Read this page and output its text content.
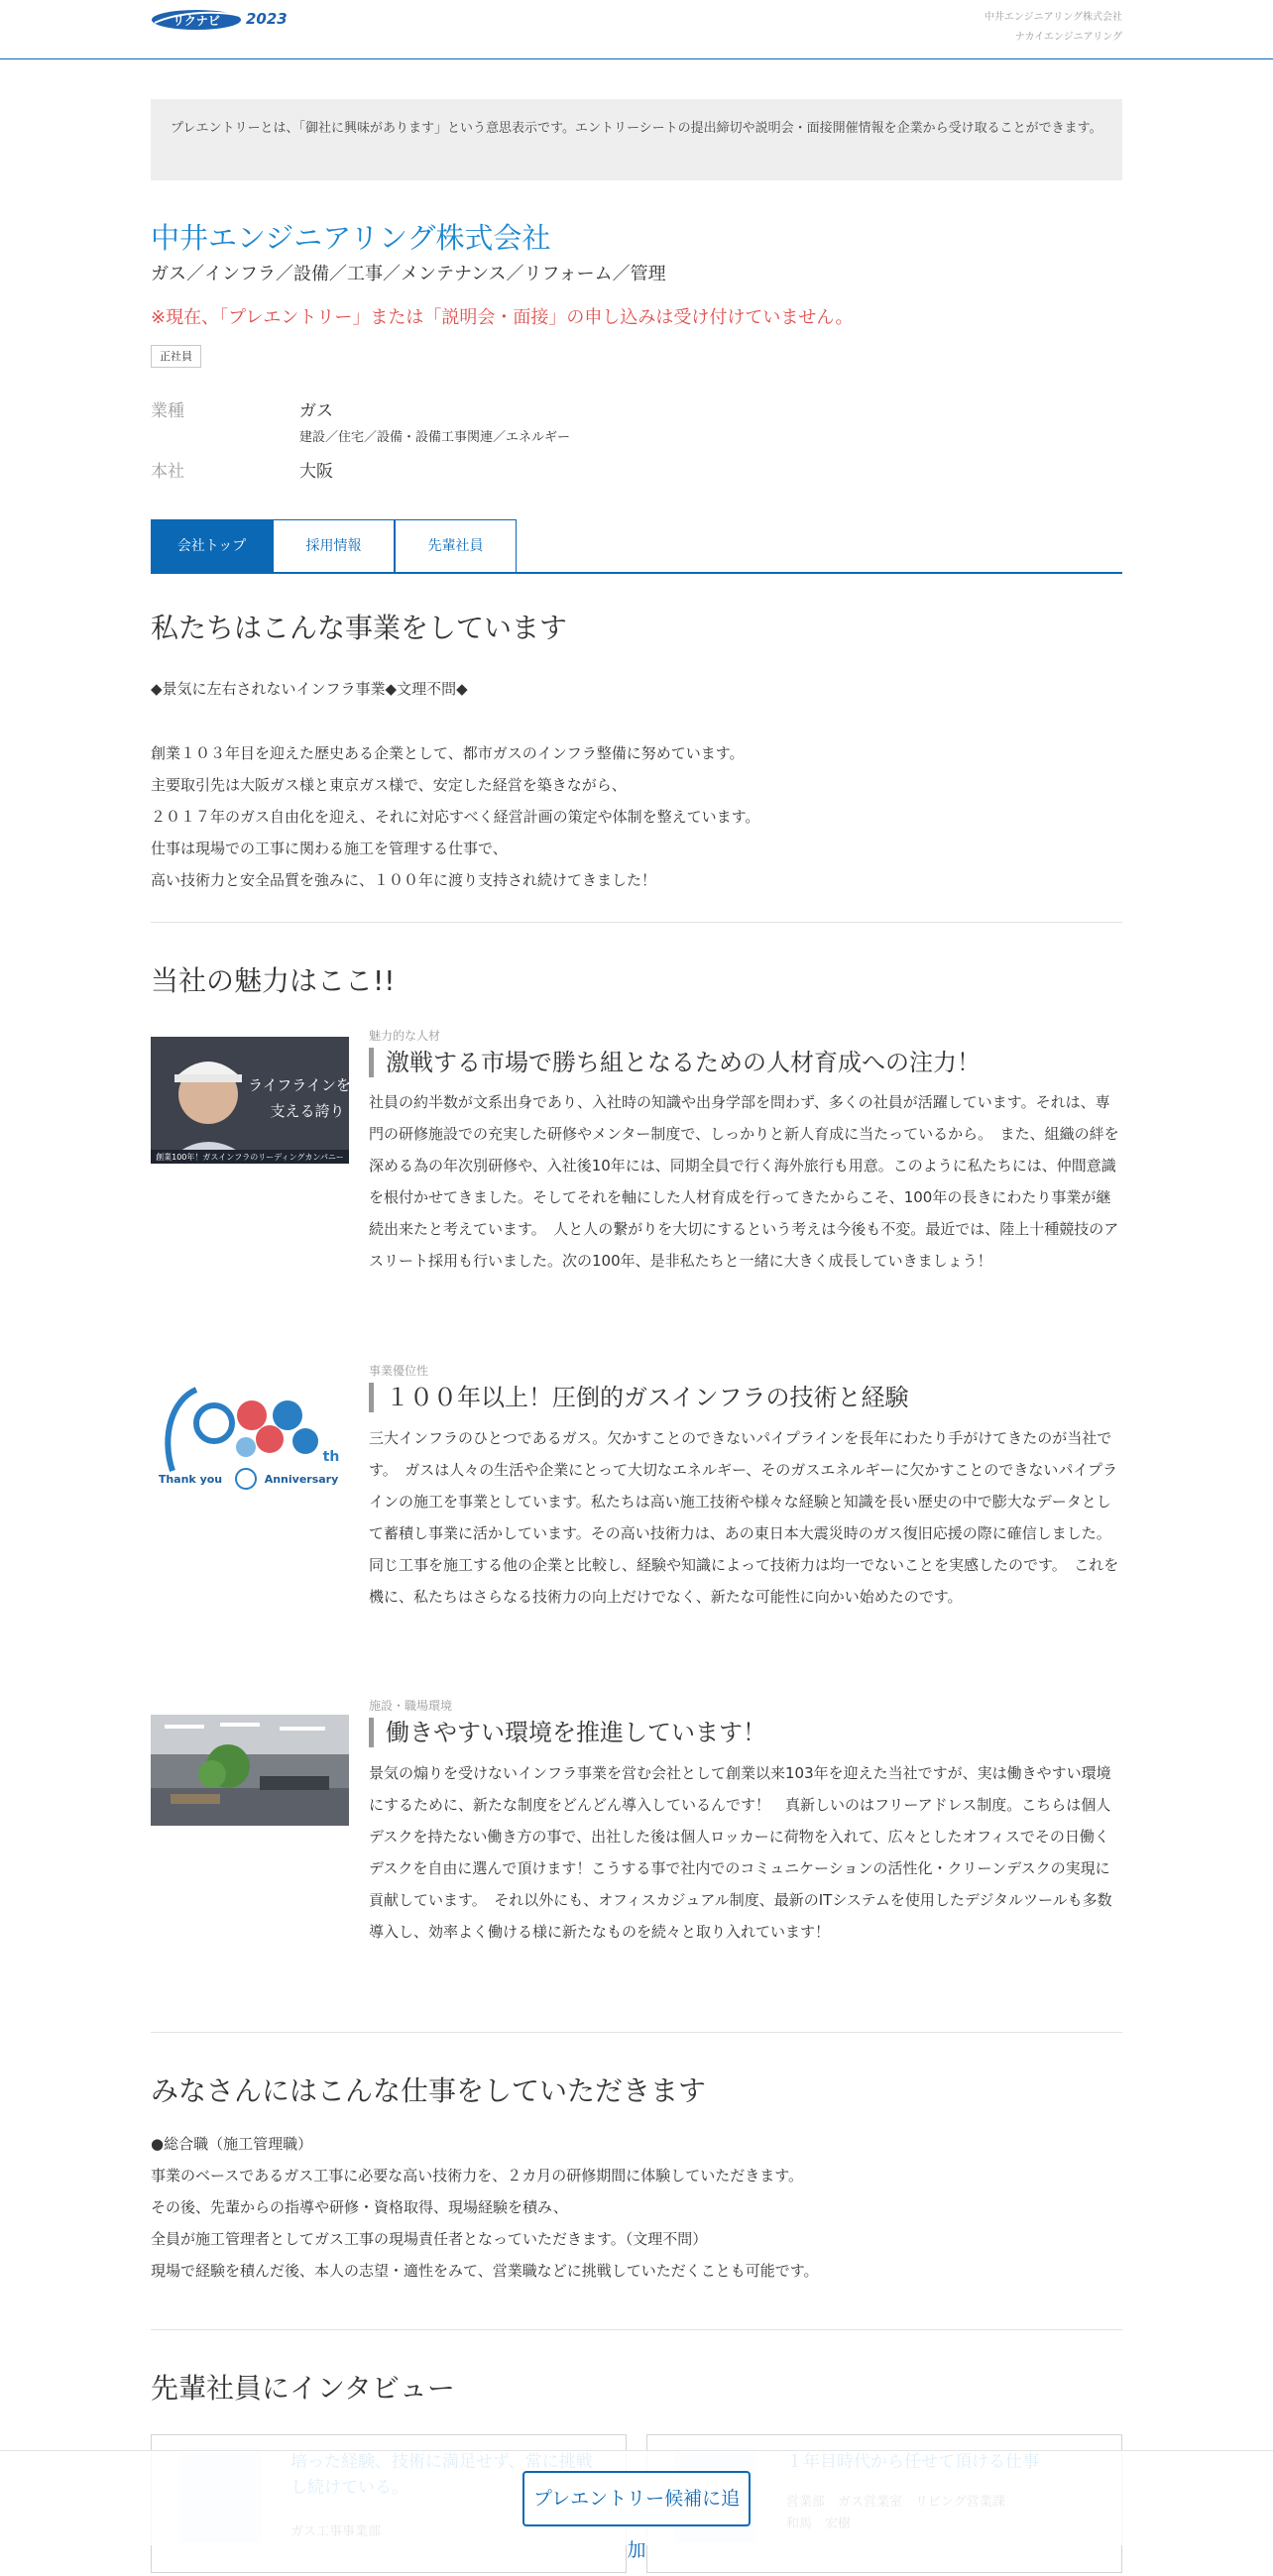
リクナビ 2023	中井エンジニアリング株式会社
ナカイエンジニアリング
プレエントリーとは、「御社に興味があります」という意思表示です。エントリーシートの提出締切や説明会・面接開催情報を企業から受け取ることができます。
中井エンジニアリング株式会社
ガス／インフラ／設備／工事／メンテナンス／リフォーム／管理
※現在、「プレエントリー」または「説明会・面接」の申し込みは受け付けていません。
正社員
業種	ガス
建設／住宅／設備・設備工事関連／エネルギー
本社	大阪
会社トップ	採用情報	先輩社員
私たちはこんな事業をしています
◆景気に左右されないインフラ事業◆文理不問◆
創業１０３年目を迎えた歴史ある企業として、都市ガスのインフラ整備に努めています。
主要取引先は大阪ガス様と東京ガス様で、安定した経営を築きながら、
２０１７年のガス自由化を迎え、それに対応すべく経営計画の策定や体制を整えています。
仕事は現場での工事に関わる施工を管理する仕事で、
高い技術力と安全品質を強みに、１００年に渡り支持され続けてきました！
当社の魅力はここ!!
ライフラインを
支える誇り
創業100年！ガスインフラのリーディングカンパニー
魅力的な人材
激戦する市場で勝ち組となるための人材育成への注力！
社員の約半数が文系出身であり、入社時の知識や出身学部を問わず、多くの社員が活躍しています。それは、専門の研修施設での充実した研修やメンター制度で、しっかりと新人育成に当たっているから。　また、組織の絆を深める為の年次別研修や、入社後10年には、同期全員で行く海外旅行も用意。このように私たちには、仲間意識を根付かせてきました。そしてそれを軸にした人材育成を行ってきたからこそ、100年の長きにわたり事業が継続出来たと考えています。　人と人の繋がりを大切にするという考えは今後も不変。最近では、陸上十種競技のアスリート採用も行いました。次の100年、是非私たちと一緒に大きく成長していきましょう！
th
Thank you	Anniversary
事業優位性
１００年以上！圧倒的ガスインフラの技術と経験
三大インフラのひとつであるガス。欠かすことのできないパイプラインを長年にわたり手がけてきたのが当社です。　ガスは人々の生活や企業にとって大切なエネルギー、そのガスエネルギーに欠かすことのできないパイプラインの施工を事業としています。私たちは高い施工技術や様々な経験と知識を長い歴史の中で膨大なデータとして蓄積し事業に活かしています。その高い技術力は、あの東日本大震災時のガス復旧応援の際に確信しました。同じ工事を施工する他の企業と比較し、経験や知識によって技術力は均一でないことを実感したのです。　これを機に、私たちはさらなる技術力の向上だけでなく、新たな可能性に向かい始めたのです。
施設・職場環境
働きやすい環境を推進しています！
景気の煽りを受けないインフラ事業を営む会社として創業以来103年を迎えた当社ですが、実は働きやすい環境にするために、新たな制度をどんどん導入しているんです！　真新しいのはフリーアドレス制度。こちらは個人デスクを持たない働き方の事で、出社した後は個人ロッカーに荷物を入れて、広々としたオフィスでその日働くデスクを自由に選んで頂けます！こうする事で社内でのコミュニケーションの活性化・クリーンデスクの実現に貢献しています。　それ以外にも、オフィスカジュアル制度、最新のITシステムを使用したデジタルツールも多数導入し、効率よく働ける様に新たなものを続々と取り入れています！
みなさんにはこんな仕事をしていただきます
●総合職（施工管理職）
事業のベースであるガス工事に必要な高い技術力を、２カ月の研修期間に体験していただきます。
その後、先輩からの指導や研修・資格取得、現場経験を積み、
全員が施工管理者としてガス工事の現場責任者となっていただきます。（文理不問）
現場で経験を積んだ後、本人の志望・適性をみて、営業職などに挑戦していただくことも可能です。
先輩社員にインタビュー
プレエントリー候補に追加
